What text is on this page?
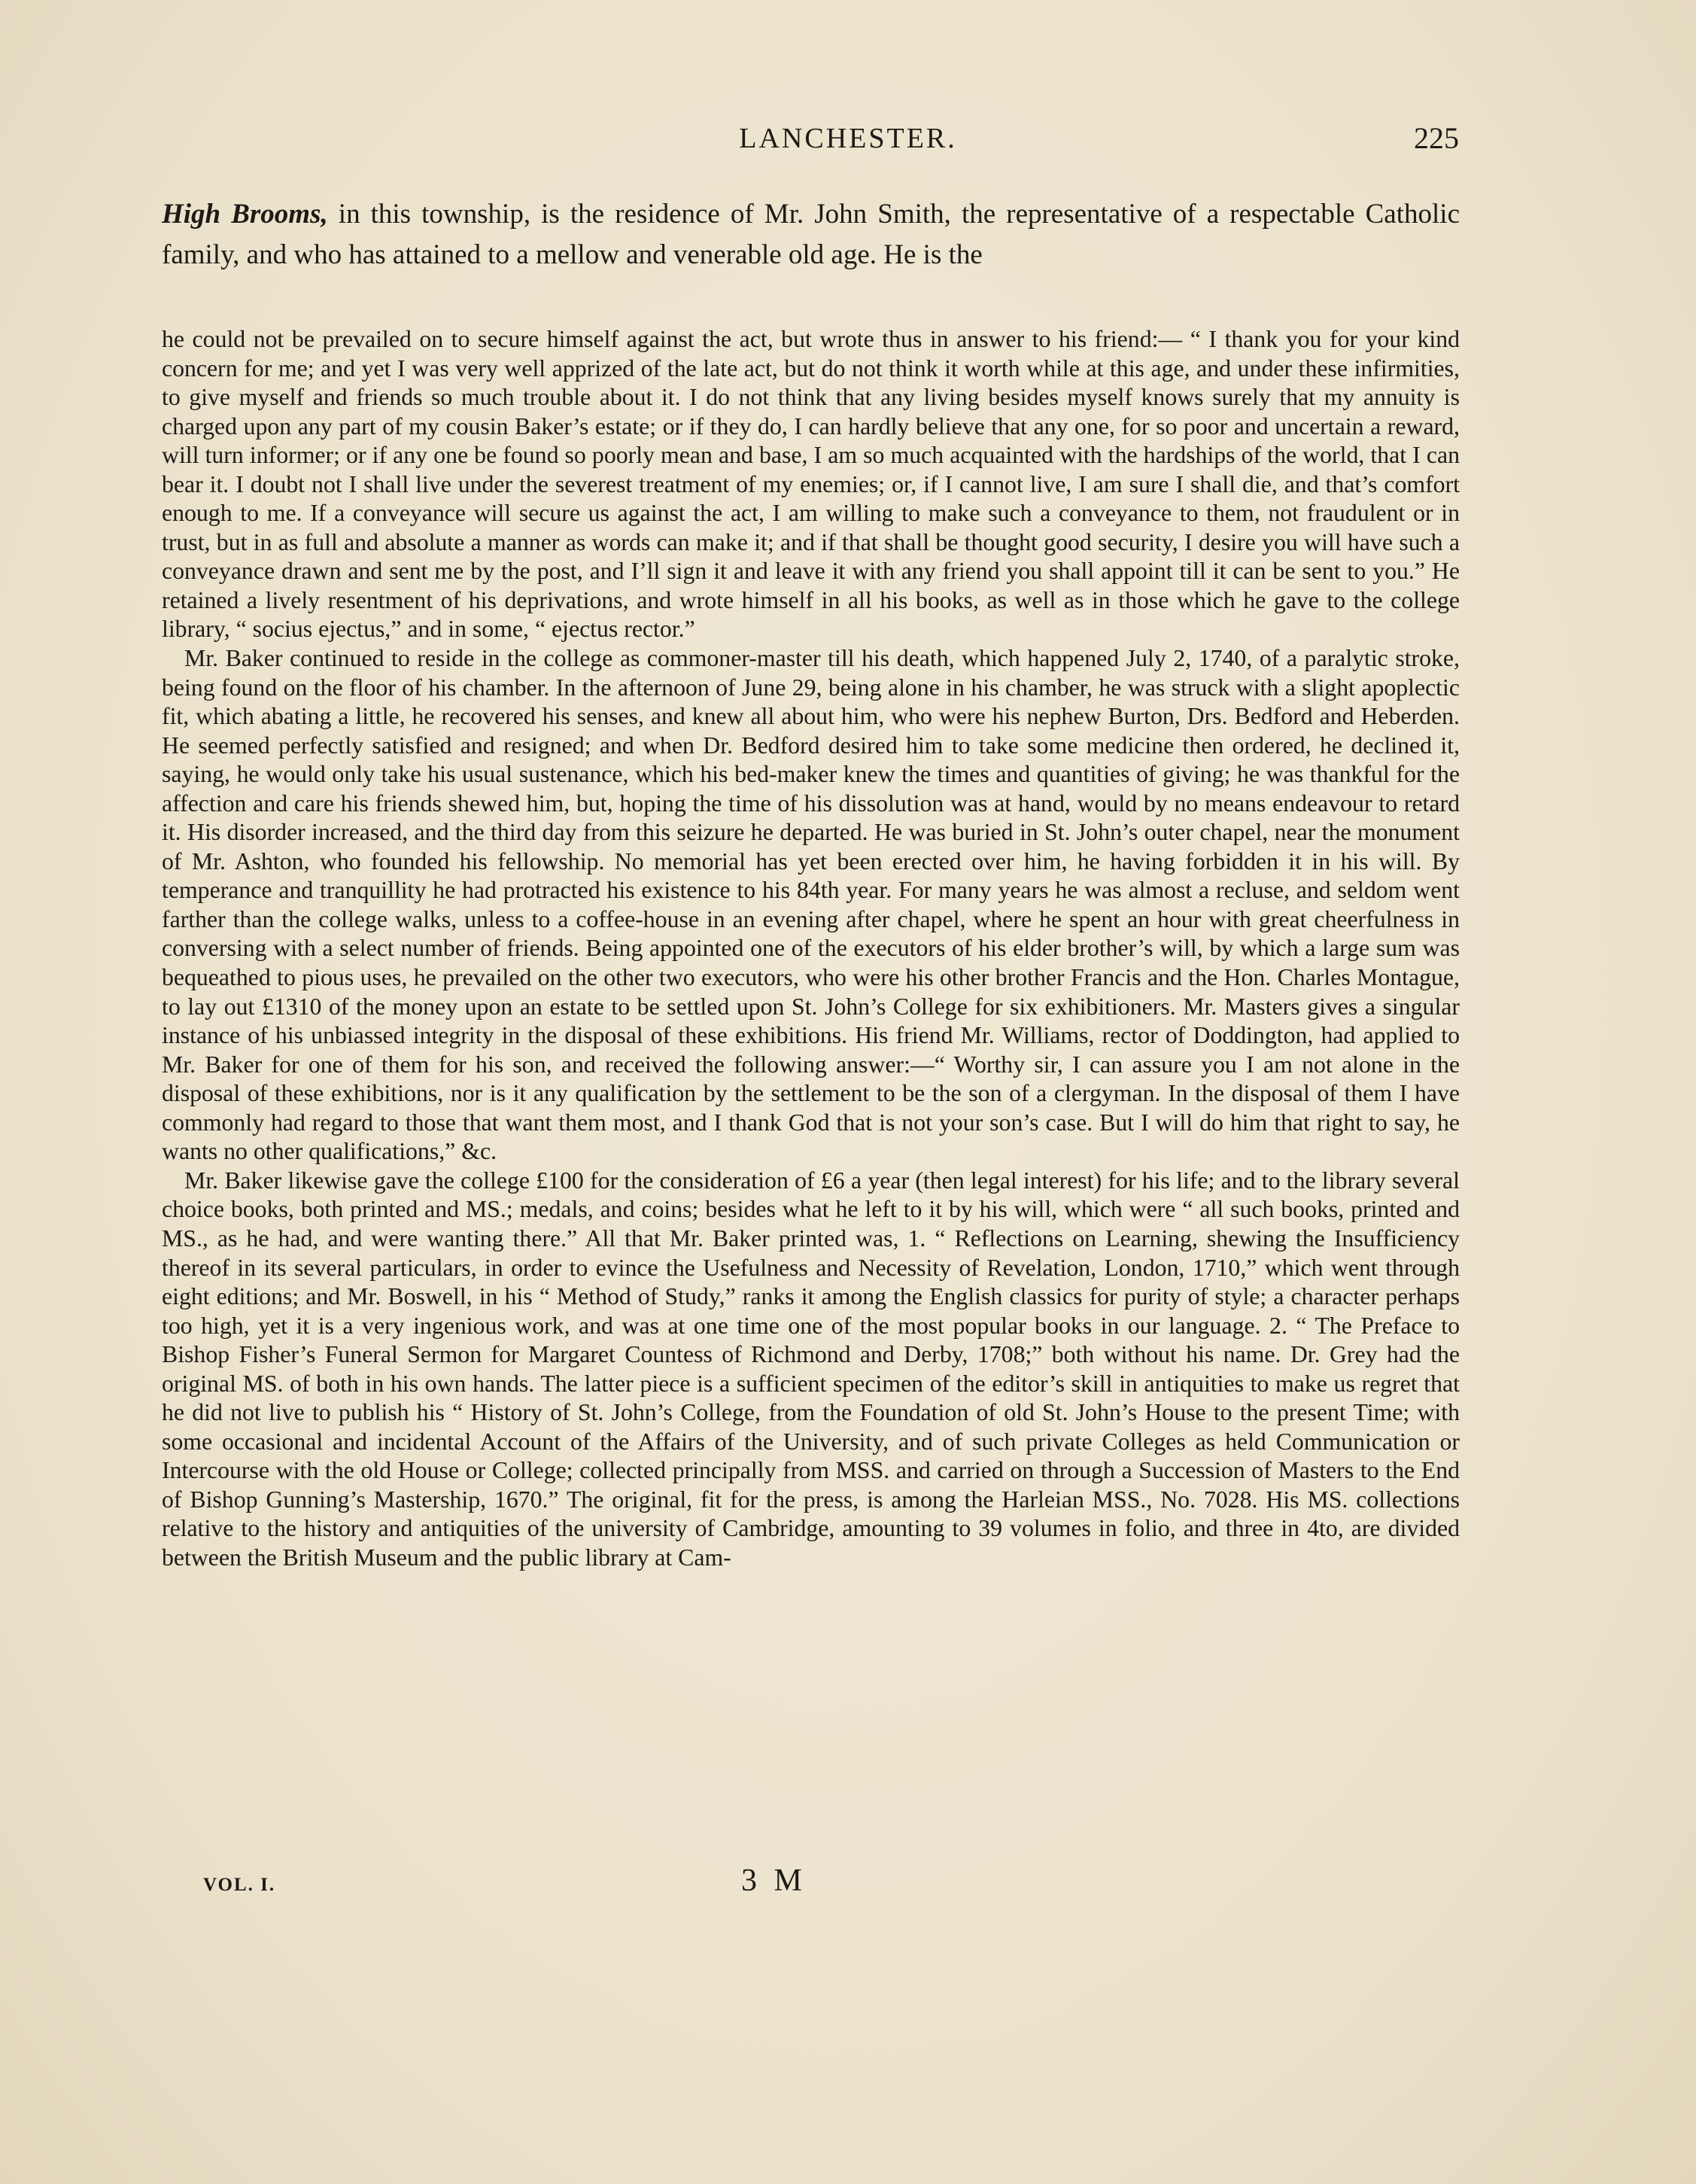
LANCHESTER.	225

High Brooms, in this township, is the residence of Mr. John Smith, the representative of a respectable Catholic family, and who has attained to a mellow and venerable old age. He is the

he could not be prevailed on to secure himself against the act, but wrote thus in answer to his friend:— “ I thank you for your kind concern for me; and yet I was very well apprized of the late act, but do not think it worth while at this age, and under these infirmities, to give myself and friends so much trouble about it. I do not think that any living besides myself knows surely that my annuity is charged upon any part of my cousin Baker’s estate; or if they do, I can hardly believe that any one, for so poor and uncertain a reward, will turn informer; or if any one be found so poorly mean and base, I am so much acquainted with the hardships of the world, that I can bear it. I doubt not I shall live under the severest treatment of my enemies; or, if I cannot live, I am sure I shall die, and that’s comfort enough to me. If a conveyance will secure us against the act, I am willing to make such a conveyance to them, not fraudulent or in trust, but in as full and absolute a manner as words can make it; and if that shall be thought good security, I desire you will have such a conveyance drawn and sent me by the post, and I’ll sign it and leave it with any friend you shall appoint till it can be sent to you.” He retained a lively resentment of his deprivations, and wrote himself in all his books, as well as in those which he gave to the college library, “ socius ejectus,” and in some, “ ejectus rector.”

Mr. Baker continued to reside in the college as commoner-master till his death, which happened July 2, 1740, of a paralytic stroke, being found on the floor of his chamber. In the afternoon of June 29, being alone in his chamber, he was struck with a slight apoplectic fit, which abating a little, he recovered his senses, and knew all about him, who were his nephew Burton, Drs. Bedford and Heberden. He seemed perfectly satisfied and resigned; and when Dr. Bedford desired him to take some medicine then ordered, he declined it, saying, he would only take his usual sustenance, which his bed-maker knew the times and quantities of giving; he was thankful for the affection and care his friends shewed him, but, hoping the time of his dissolution was at hand, would by no means endeavour to retard it. His disorder increased, and the third day from this seizure he departed. He was buried in St. John’s outer chapel, near the monument of Mr. Ashton, who founded his fellowship. No memorial has yet been erected over him, he having forbidden it in his will. By temperance and tranquillity he had protracted his existence to his 84th year. For many years he was almost a recluse, and seldom went farther than the college walks, unless to a coffee-house in an evening after chapel, where he spent an hour with great cheerfulness in conversing with a select number of friends. Being appointed one of the executors of his elder brother’s will, by which a large sum was bequeathed to pious uses, he prevailed on the other two executors, who were his other brother Francis and the Hon. Charles Montague, to lay out £1310 of the money upon an estate to be settled upon St. John’s College for six exhibitioners. Mr. Masters gives a singular instance of his unbiassed integrity in the disposal of these exhibitions. His friend Mr. Williams, rector of Doddington, had applied to Mr. Baker for one of them for his son, and received the following answer:—“ Worthy sir, I can assure you I am not alone in the disposal of these exhibitions, nor is it any qualification by the settlement to be the son of a clergyman. In the disposal of them I have commonly had regard to those that want them most, and I thank God that is not your son’s case. But I will do him that right to say, he wants no other qualifications,” &c.

Mr. Baker likewise gave the college £100 for the consideration of £6 a year (then legal interest) for his life; and to the library several choice books, both printed and MS.; medals, and coins; besides what he left to it by his will, which were “ all such books, printed and MS., as he had, and were wanting there.” All that Mr. Baker printed was, 1. “ Reflections on Learning, shewing the Insufficiency thereof in its several particulars, in order to evince the Usefulness and Necessity of Revelation, London, 1710,” which went through eight editions; and Mr. Boswell, in his “ Method of Study,” ranks it among the English classics for purity of style; a character perhaps too high, yet it is a very ingenious work, and was at one time one of the most popular books in our language. 2. “ The Preface to Bishop Fisher’s Funeral Sermon for Margaret Countess of Richmond and Derby, 1708;” both without his name. Dr. Grey had the original MS. of both in his own hands. The latter piece is a sufficient specimen of the editor’s skill in antiquities to make us regret that he did not live to publish his “ History of St. John’s College, from the Foundation of old St. John’s House to the present Time; with some occasional and incidental Account of the Affairs of the University, and of such private Colleges as held Communication or Intercourse with the old House or College; collected principally from MSS. and carried on through a Succession of Masters to the End of Bishop Gunning’s Mastership, 1670.” The original, fit for the press, is among the Harleian MSS., No. 7028. His MS. collections relative to the history and antiquities of the university of Cambridge, amounting to 39 volumes in folio, and three in 4to, are divided between the British Museum and the public library at Cam-

VOL. I.	3 M
